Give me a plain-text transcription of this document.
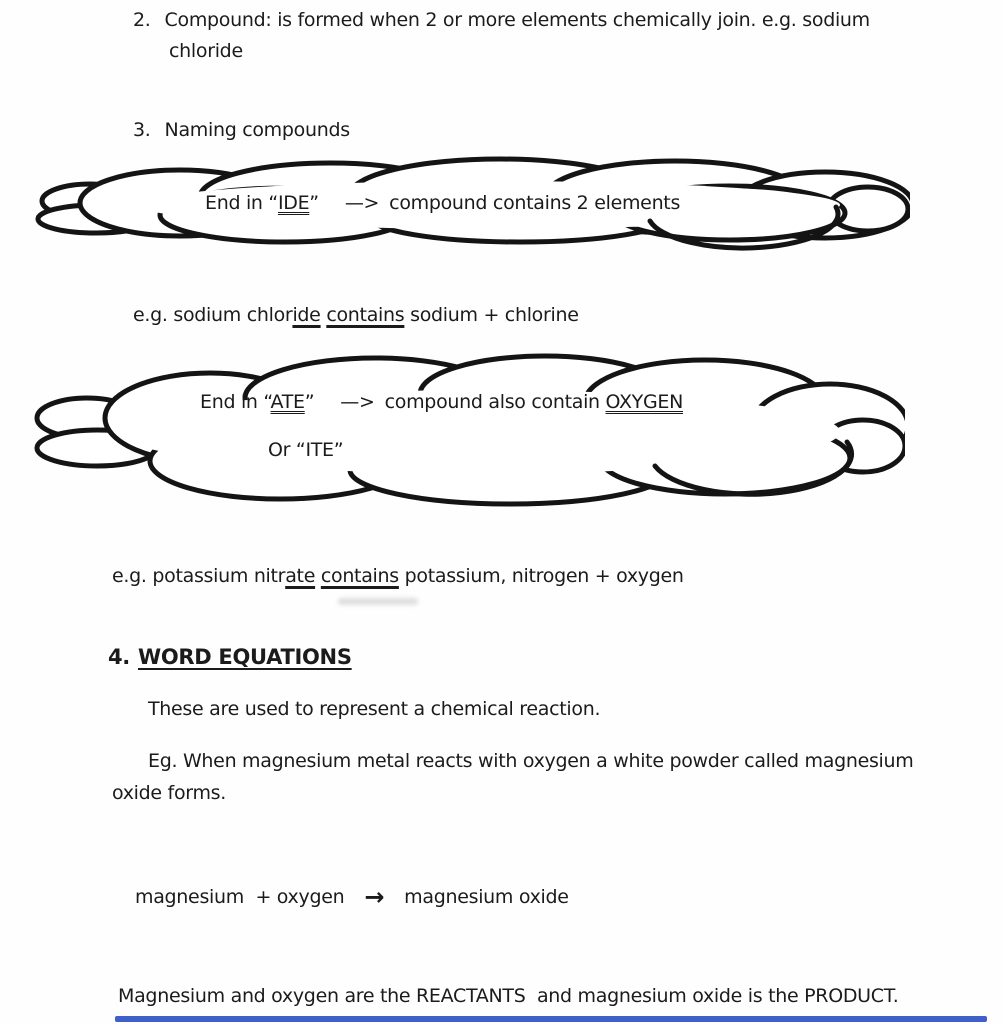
2. Compound: is formed when 2 or more elements chemically join. e.g. sodium
chloride
3. Naming compounds
End in “IDE” —> compound contains 2 elements
e.g. sodium chloride contains sodium + chlorine
End in “ATE” —> compound also contain OXYGEN
Or “ITE”
e.g. potassium nitrate contains potassium, nitrogen + oxygen
4. WORD EQUATIONS
These are used to represent a chemical reaction.
Eg. When magnesium metal reacts with oxygen a white powder called magnesium
oxide forms.
magnesium  + oxygen → magnesium oxide
Magnesium and oxygen are the REACTANTS  and magnesium oxide is the PRODUCT.
